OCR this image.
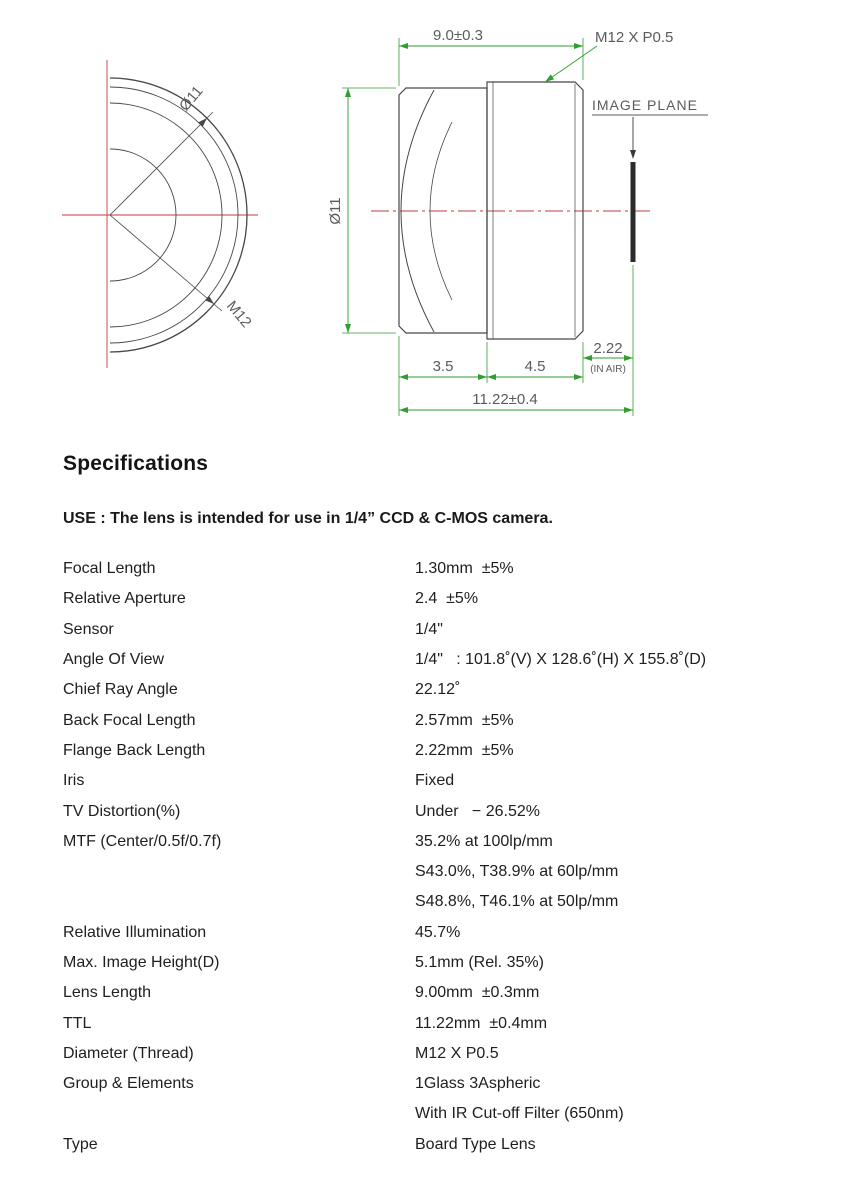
Ø11
M12
IMAGE PLANE
9.0±0.3	M12 X P0.5
Ø11
3.5	4.5
2.22
(IN AIR)
11.22±0.4
Specifications

USE : The lens is intended for use in 1/4” CCD & C-MOS camera.

Focal Length	1.30mm  ±5%
Relative Aperture	2.4  ±5%
Sensor	1/4"
Angle Of View	1/4"   : 101.8˚(V) X 128.6˚(H) X 155.8˚(D)
Chief Ray Angle	22.12˚
Back Focal Length	2.57mm  ±5%
Flange Back Length	2.22mm  ±5%
Iris	Fixed
TV Distortion(%)	Under   − 26.52%
MTF (Center/0.5f/0.7f)	35.2% at 100lp/mm
S43.0%, T38.9% at 60lp/mm
S48.8%, T46.1% at 50lp/mm
Relative Illumination	45.7%
Max. Image Height(D)	5.1mm (Rel. 35%)
Lens Length	9.00mm  ±0.3mm
TTL	11.22mm  ±0.4mm
Diameter (Thread)	M12 X P0.5
Group & Elements	1Glass 3Aspheric
With IR Cut-off Filter (650nm)
Type	Board Type Lens
